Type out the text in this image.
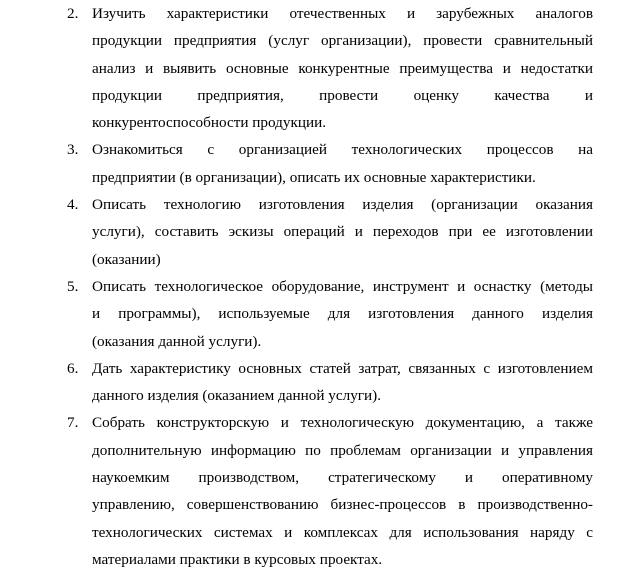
2. Изучить характеристики отечественных и зарубежных аналогов
продукции предприятия (услуг организации), провести сравнительный
анализ и выявить основные конкурентные преимущества и недостатки
продукции предприятия, провести оценку качества и
конкурентоспособности продукции.
3. Ознакомиться с организацией технологических процессов на
предприятии (в организации), описать их основные характеристики.
4. Описать технологию изготовления изделия (организации оказания
услуги), составить эскизы операций и переходов при ее изготовлении
(оказании)
5. Описать технологическое оборудование, инструмент и оснастку (методы
и программы), используемые для изготовления данного изделия
(оказания данной услуги).
6. Дать характеристику основных статей затрат, связанных с изготовлением
данного изделия (оказанием данной услуги).
7. Собрать конструкторскую и технологическую документацию, а также
дополнительную информацию по проблемам организации и управления
наукоемким производством, стратегическому и оперативному
управлению, совершенствованию бизнес-процессов в производственно-
технологических системах и комплексах для использования наряду с
материалами практики в курсовых проектах.
